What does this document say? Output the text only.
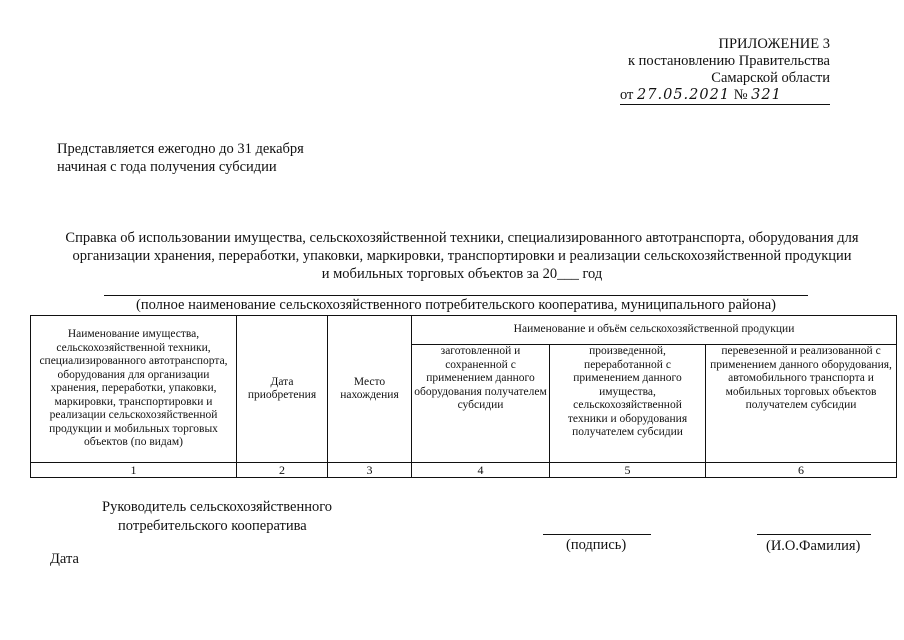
ПРИЛОЖЕНИЕ 3
к постановлению Правительства
Самарской области
от 27.05.2021 № 321
Представляется ежегодно до 31 декабря
начиная с года получения субсидии
Справка об использовании имущества, сельскохозяйственной техники, специализированного автотранспорта, оборудования для
организации хранения, переработки, упаковки, маркировки, транспортировки и реализации сельскохозяйственной продукции
и мобильных торговых объектов за 20___ год
(полное наименование сельскохозяйственного потребительского кооператива, муниципального района)
Наименование имущества, сельскохозяйственной техники, специализированного автотранспорта, оборудования для организации хранения, переработки, упаковки, маркировки, транспортировки и реализации сельскохозяйственной продукции и мобильных торговых объектов (по видам)	Дата приобретения	Место нахождения	Наименование и объём сельскохозяйственной продукции		
			заготовленной и сохраненной с применением данного оборудования получателем субсидии	произведенной, переработанной с применением данного имущества, сельскохозяйственной техники и оборудования получателем субсидии	перевезенной и реализованной с применением данного оборудования, автомобильного транспорта и мобильных торговых объектов получателем субсидии
1	2	3	4	5	6
Руководитель сельскохозяйственного
потребительского кооператива
(подпись)	(И.О.Фамилия)
Дата
